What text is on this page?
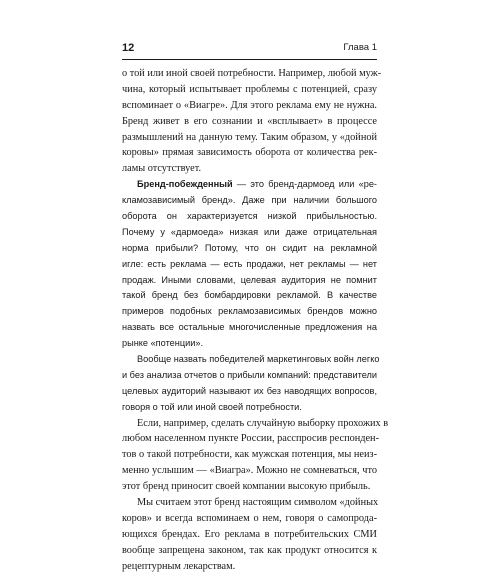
12	Глава 1
о той или иной своей потребности. Например, любой муж-
чина, который испытывает проблемы с потенцией, сразу
вспоминает о «Виагре». Для этого реклама ему не нужна.
Бренд живет в его сознании и «всплывает» в процессе
размышлений на данную тему. Таким образом, у «дойной
коровы» прямая зависимость оборота от количества рек-
ламы отсутствует.
Бренд-побежденный — это бренд-дармоед или «ре-
кламозависимый бренд». Даже при наличии большого
оборота он характеризуется низкой прибыльностью.
Почему у «дармоеда» низкая или даже отрицательная
норма прибыли? Потому, что он сидит на рекламной
игле: есть реклама — есть продажи, нет рекламы — нет
продаж. Иными словами, целевая аудитория не помнит
такой бренд без бомбардировки рекламой. В качестве
примеров подобных рекламозависимых брендов можно
назвать все остальные многочисленные предложения на
рынке «потенции».
Вообще назвать победителей маркетинговых войн легко
и без анализа отчетов о прибыли компаний: представители
целевых аудиторий называют их без наводящих вопросов,
говоря о той или иной своей потребности.
Если, например, сделать случайную выборку прохожих в
любом населенном пункте России, расспросив респонден-
тов о такой потребности, как мужская потенция, мы неиз-
менно услышим — «Виагра». Можно не сомневаться, что
этот бренд приносит своей компании высокую прибыль.
Мы считаем этот бренд настоящим символом «дойных
коров» и всегда вспоминаем о нем, говоря о самопрода-
ющихся брендах. Его реклама в потребительских СМИ
вообще запрещена законом, так как продукт относится к
рецептурным лекарствам.
